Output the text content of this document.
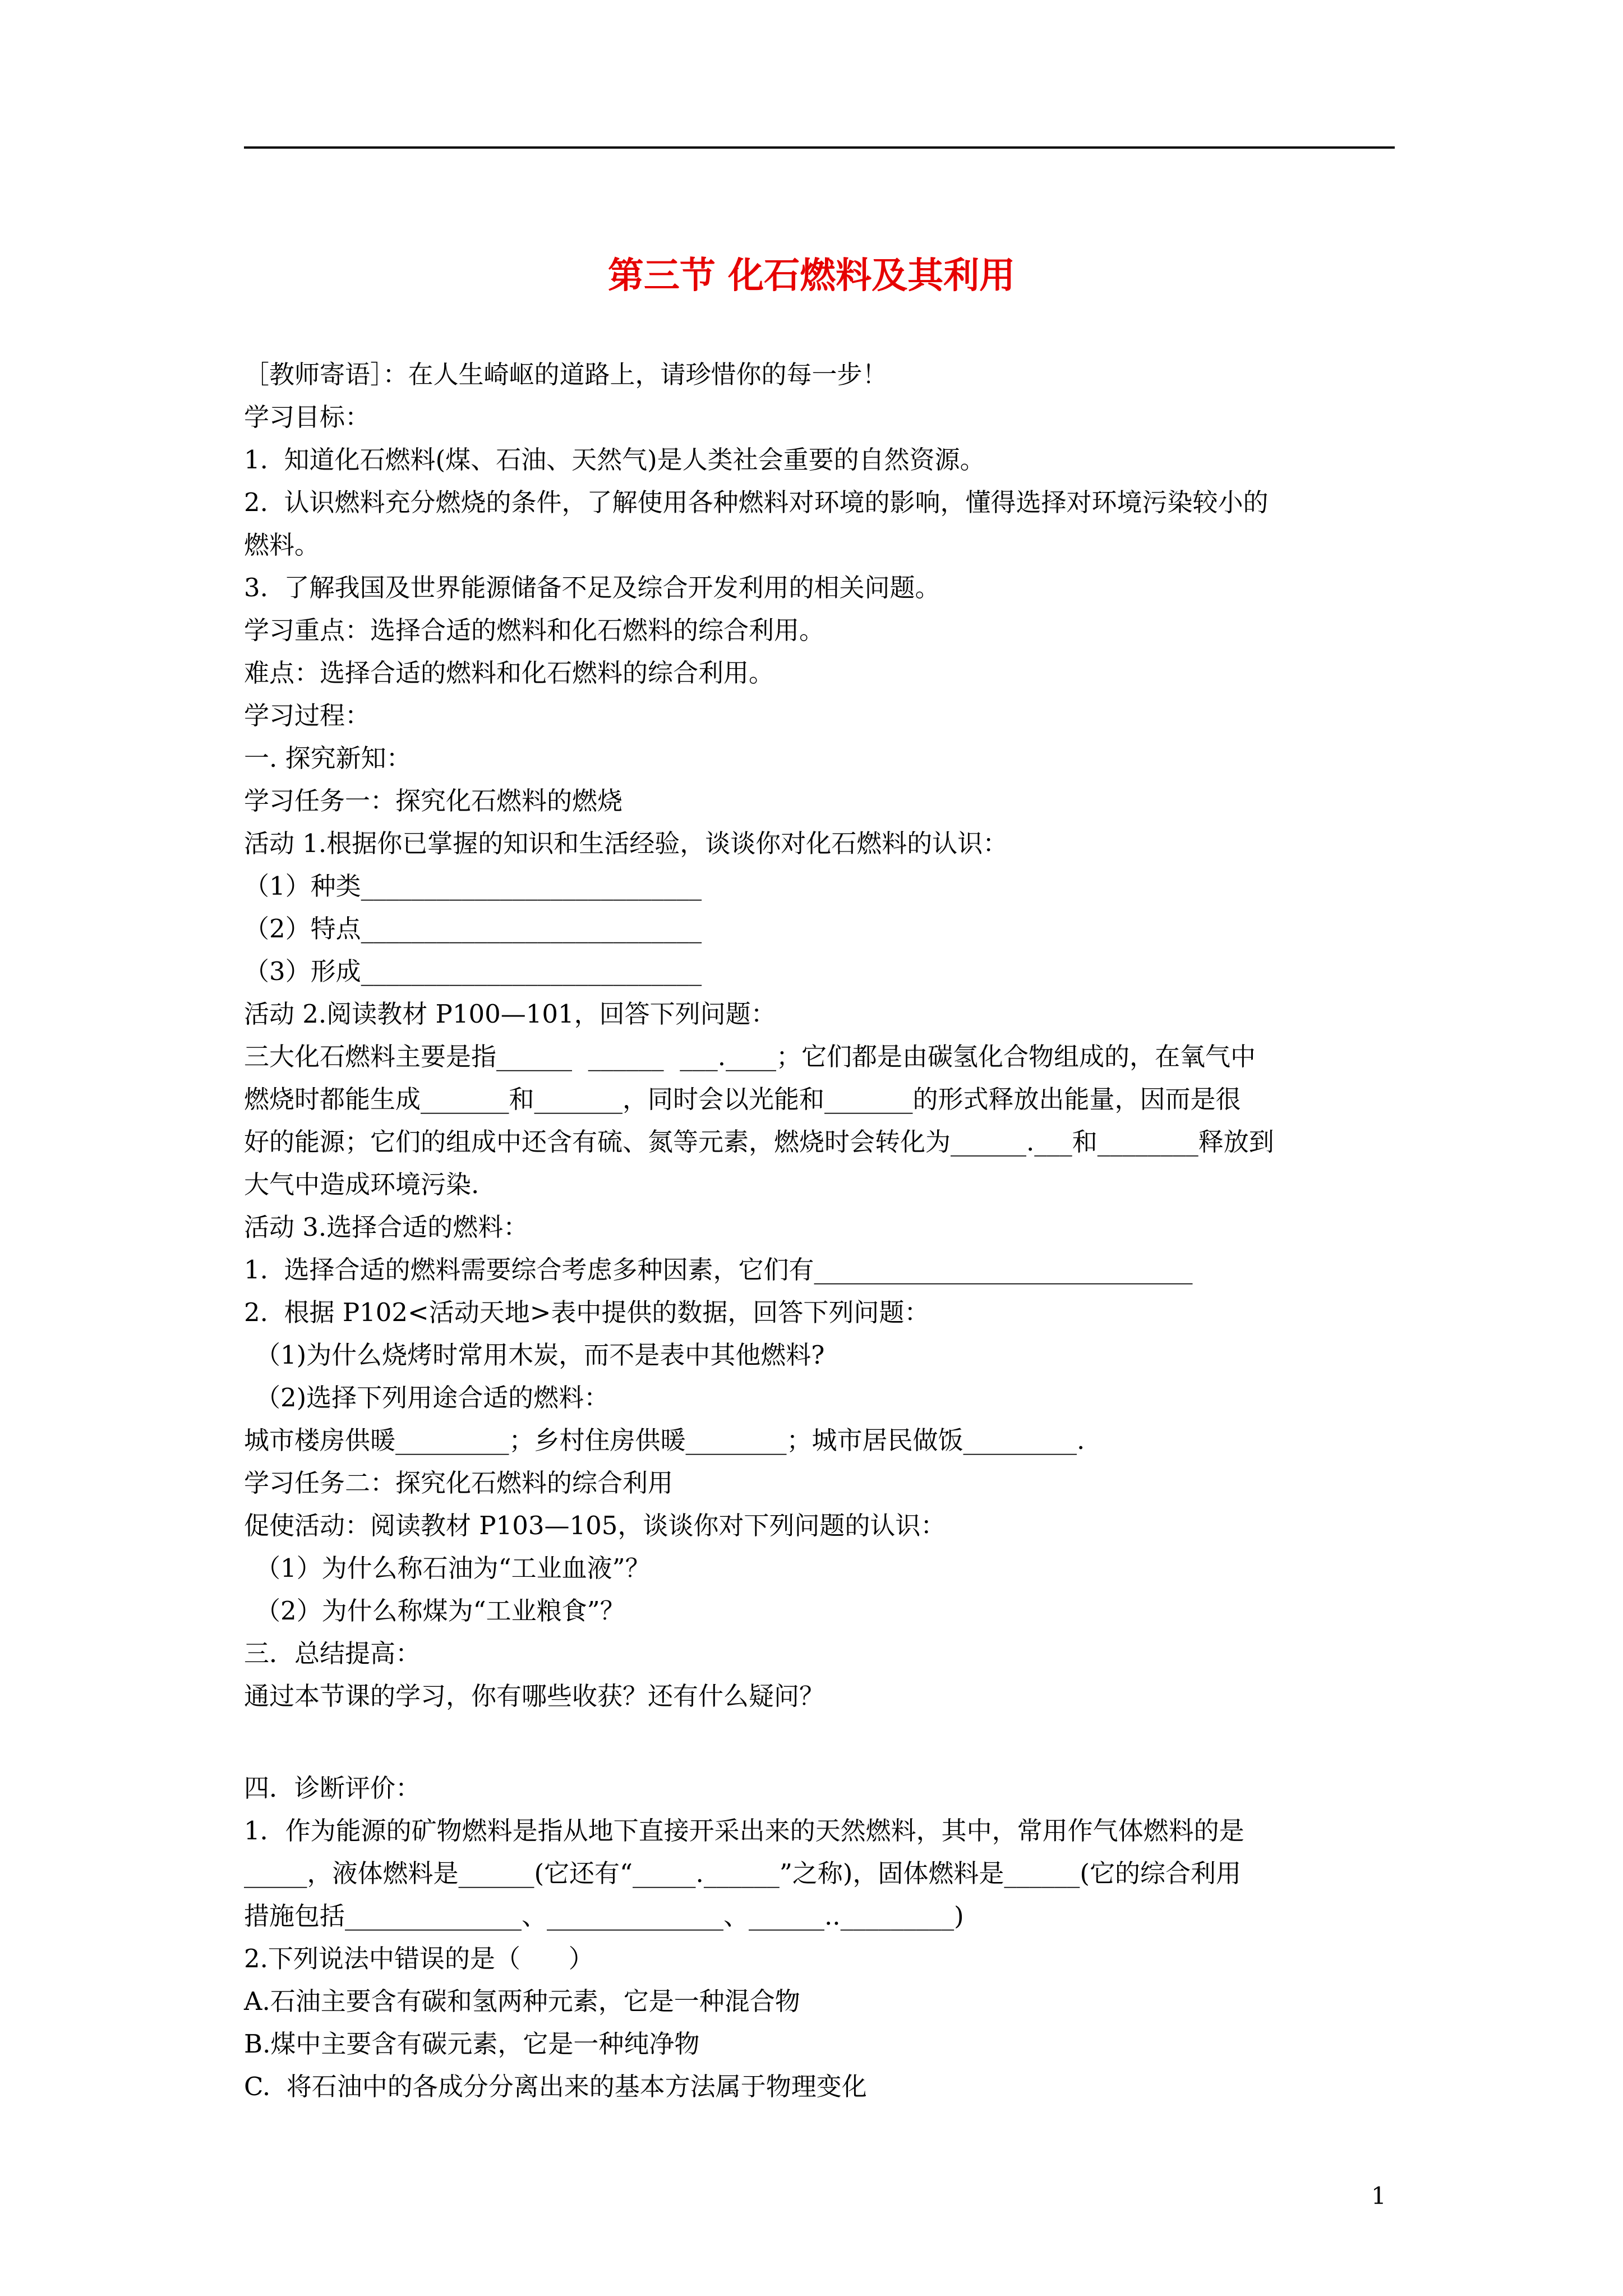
第三节 化石燃料及其利用
［教师寄语］：在人生崎岖的道路上，请珍惜你的每一步！
学习目标：
1.  知道化石燃料(煤、石油、天然气)是人类社会重要的自然资源。
2.  认识燃料充分燃烧的条件，了解使用各种燃料对环境的影响，懂得选择对环境污染较小的
燃料。
3.  了解我国及世界能源储备不足及综合开发利用的相关问题。
学习重点：选择合适的燃料和化石燃料的综合利用。
难点：选择合适的燃料和化石燃料的综合利用。
学习过程：
一. 探究新知：
学习任务一：探究化石燃料的燃烧
活动 1.根据你已掌握的知识和生活经验，谈谈你对化石燃料的认识：
（1）种类___________________________
（2）特点___________________________
（3）形成___________________________
活动 2.阅读教材 P100—101，回答下列问题：
三大化石燃料主要是指______  ______  ___.____；它们都是由碳氢化合物组成的，在氧气中
燃烧时都能生成_______和_______，同时会以光能和_______的形式释放出能量，因而是很
好的能源；它们的组成中还含有硫、氮等元素，燃烧时会转化为______.___和________释放到
大气中造成环境污染.
活动 3.选择合适的燃料：
1.  选择合适的燃料需要综合考虑多种因素，它们有______________________________
2.  根据 P102<活动天地>表中提供的数据，回答下列问题：
（1)为什么烧烤时常用木炭，而不是表中其他燃料?
（2)选择下列用途合适的燃料：
城市楼房供暖_________；乡村住房供暖________；城市居民做饭_________.
学习任务二：探究化石燃料的综合利用
促使活动：阅读教材 P103—105，谈谈你对下列问题的认识：
（1）为什么称石油为“工业血液”？
（2）为什么称煤为“工业粮食”？
三．总结提高：
通过本节课的学习，你有哪些收获？还有什么疑问？
四．诊断评价：
1．作为能源的矿物燃料是指从地下直接开采出来的天然燃料，其中，常用作气体燃料的是
_____，液体燃料是______(它还有“_____.______”之称)，固体燃料是______(它的综合利用
措施包括______________、______________、______.._________)
2.下列说法中错误的是（      ）
A.石油主要含有碳和氢两种元素，它是一种混合物
B.煤中主要含有碳元素，它是一种纯净物
C.  将石油中的各成分分离出来的基本方法属于物理变化
1
